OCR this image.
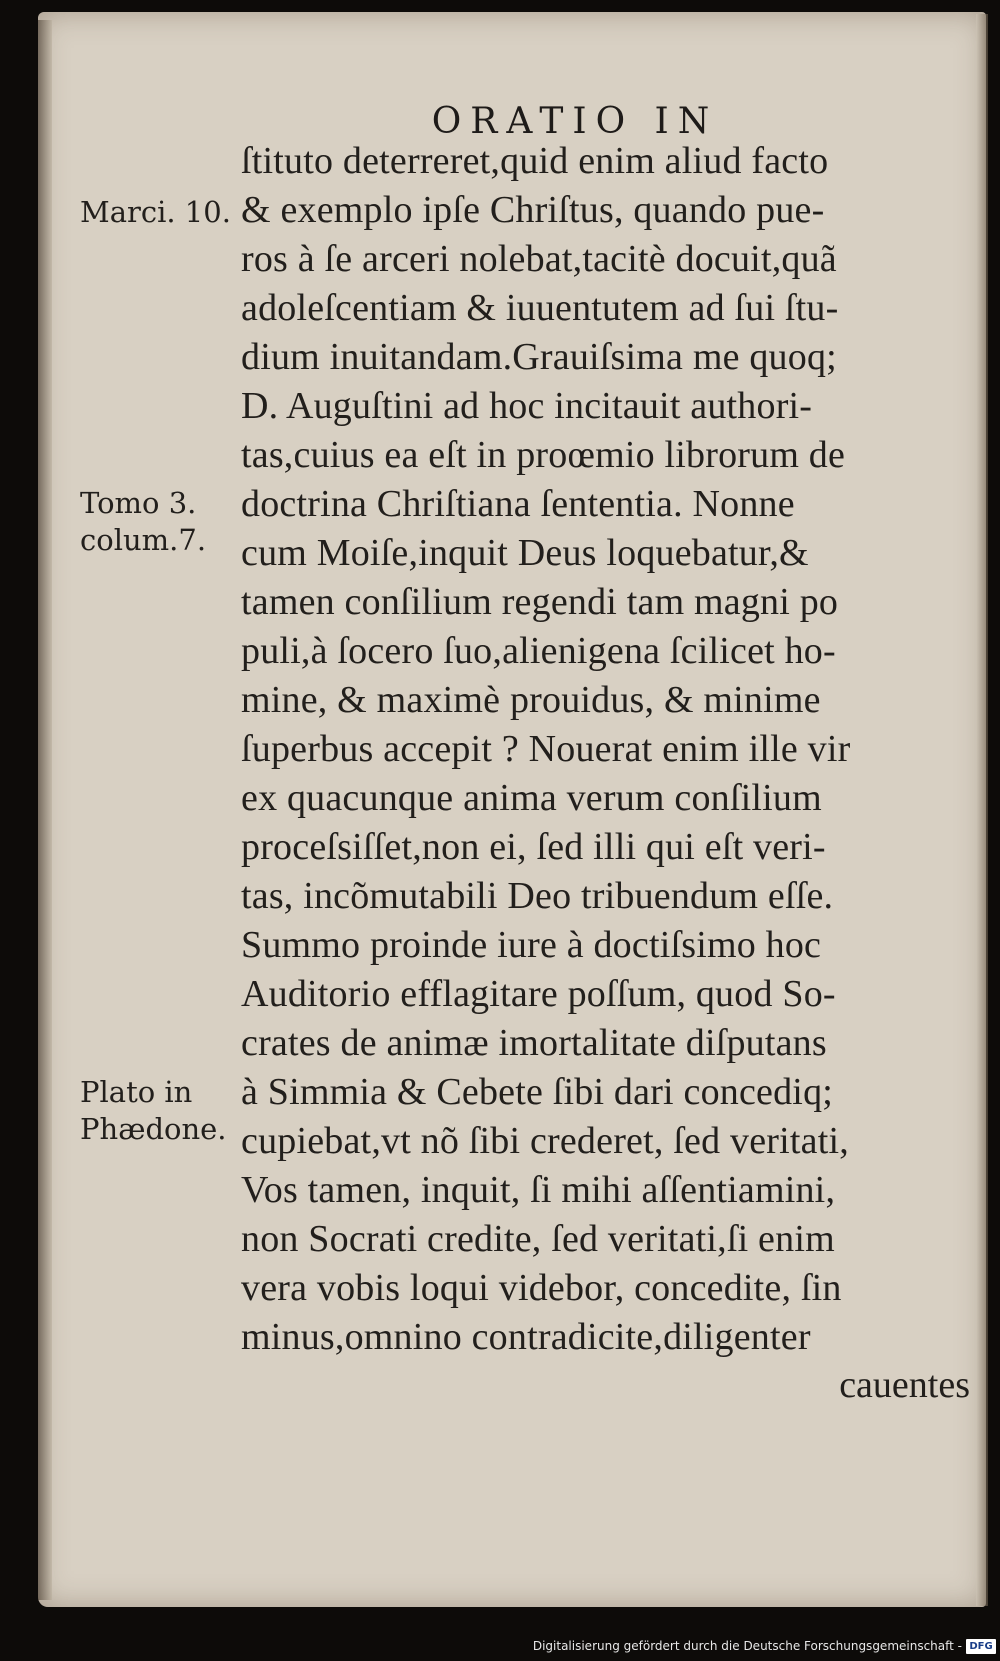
ORATIO IN
ſtituto deterreret,quid enim aliud facto
& exemplo ipſe Chriſtus, quando pue-
ros à ſe arceri nolebat,tacitè docuit,quã
adoleſcentiam & iuuentutem ad ſui ſtu-
dium inuitandam.Grauiſsima me quoq;
D. Auguſtini ad hoc incitauit authori-
tas,cuius ea eſt in proœmio librorum de
doctrina Chriſtiana ſententia. Nonne
cum Moiſe,inquit Deus loquebatur,&
tamen conſilium regendi tam magni po
puli,à ſocero ſuo,alienigena ſcilicet ho-
mine, & maximè prouidus, & minime
ſuperbus accepit ? Nouerat enim ille vir
ex quacunque anima verum conſilium
proceſsiſſet,non ei, ſed illi qui eſt veri-
tas, incõmutabili Deo tribuendum eſſe.
Summo proinde iure à doctiſsimo hoc
Auditorio efflagitare poſſum, quod So-
crates de animæ imortalitate diſputans
à Simmia & Cebete ſibi dari concediq;
cupiebat,vt nõ ſibi crederet, ſed veritati,
Vos tamen, inquit, ſi mihi aſſentiamini,
non Socrati credite, ſed veritati,ſi enim
vera vobis loqui videbor, concedite, ſin
minus,omnino contradicite,diligenter
cauentes
Marci. 10.
Tomo 3.
colum.7.
Plato in
Phædone.
Digitalisierung gefördert durch die Deutsche Forschungsgemeinschaft - DFG
